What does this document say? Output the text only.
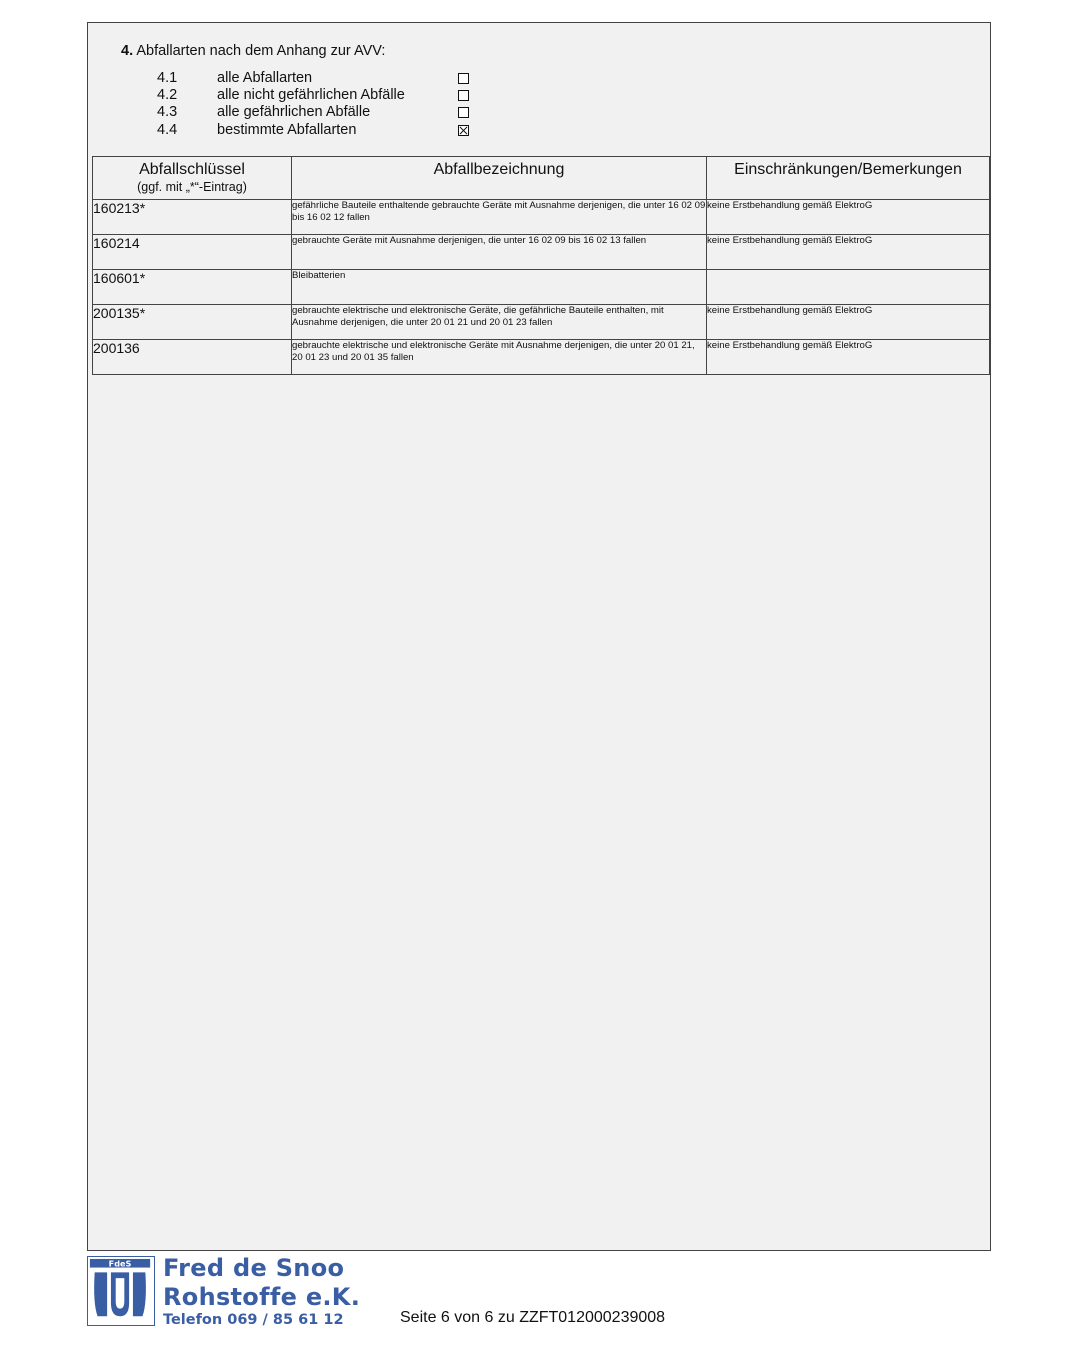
4. Abfallarten nach dem Anhang zur AVV:
4.1	alle Abfallarten
4.2	alle nicht gefährlichen Abfälle
4.3	alle gefährlichen Abfälle
4.4	bestimmte Abfallarten
Abfallschlüssel
(ggf. mit „*“-Eintrag)	Abfallbezeichnung	Einschränkungen/Bemerkungen

160213*	gefährliche Bauteile enthaltende gebrauchte Geräte mit Ausnahme derjenigen, die unter 16 02 09 bis 16 02 12 fallen	keine Erstbehandlung gemäß ElektroG
160214	gebrauchte Geräte mit Ausnahme derjenigen, die unter 16 02 09 bis 16 02 13 fallen	keine Erstbehandlung gemäß ElektroG
160601*	Bleibatterien	
200135*	gebrauchte elektrische und elektronische Geräte, die gefährliche Bauteile enthalten, mit Ausnahme derjenigen, die unter 20 01 21 und 20 01 23 fallen	keine Erstbehandlung gemäß ElektroG
200136	gebrauchte elektrische und elektronische Geräte mit Ausnahme derjenigen, die unter 20 01 21, 20 01 23 und 20 01 35 fallen	keine Erstbehandlung gemäß ElektroG
FdeS Fred de Snoo
Rohstoffe e.K.
Telefon 069 / 85 61 12	Seite 6 von 6 zu ZZFT012000239008
